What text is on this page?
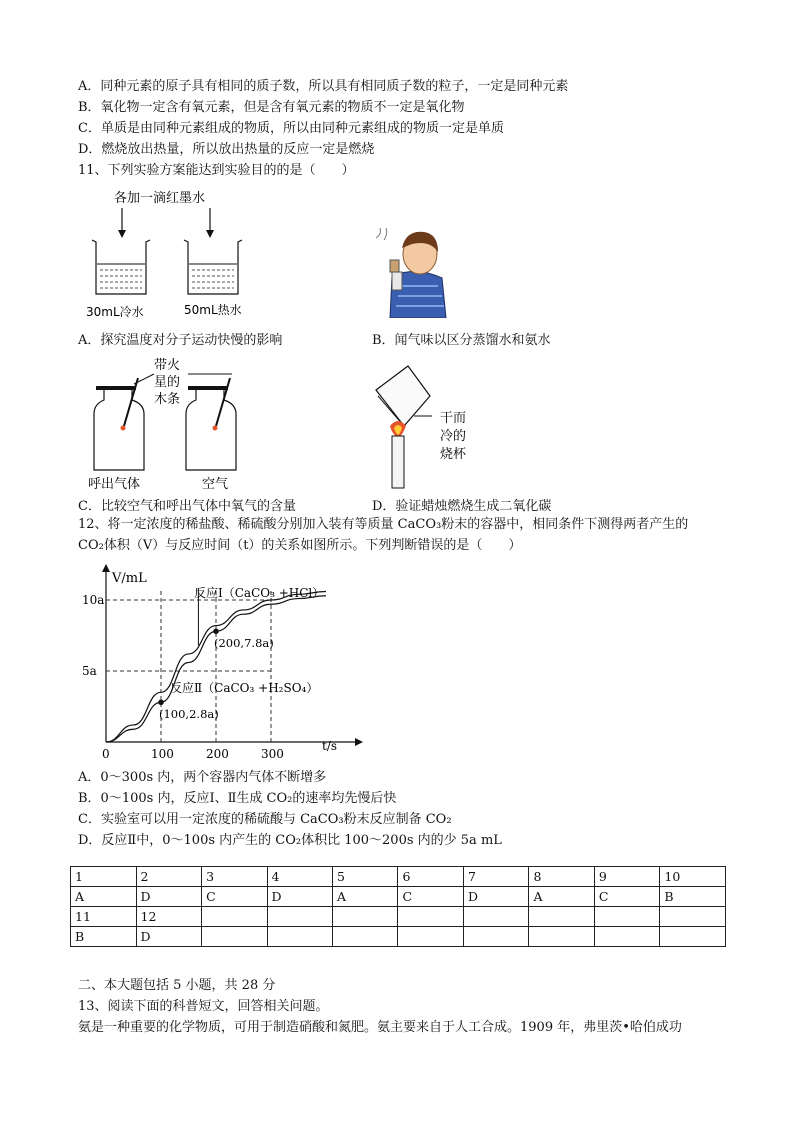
A．同种元素的原子具有相同的质子数，所以具有相同质子数的粒子，一定是同种元素
B．氧化物一定含有氧元素，但是含有氧元素的物质不一定是氧化物
C．单质是由同种元素组成的物质，所以由同种元素组成的物质一定是单质
D．燃烧放出热量，所以放出热量的反应一定是燃烧
11、下列实验方案能达到实验目的的是（　　）
各加一滴红墨水
30mL冷水	50mL热水
A．探究温度对分子运动快慢的影响	B．闻气味以区分蒸馏水和氨水
带火
星的
木条
呼出气体	空气
干而
冷的
烧杯
C．比较空气和呼出气体中氧气的含量	D．验证蜡烛燃烧生成二氧化碳
12、将一定浓度的稀盐酸、稀硫酸分别加入装有等质量 CaCO₃粉末的容器中，相同条件下测得两者产生的
CO₂体积（V）与反应时间（t）的关系如图所示。下列判断错误的是（　　）
0	100	200	300
5a
10a
(200,7.8a)
(100,2.8a)
V/mL
t/s
反应Ⅰ（CaCO₃ +HCl）
反应Ⅱ（CaCO₃ +H₂SO₄）
A．0～300s 内，两个容器内气体不断增多
B．0～100s 内，反应Ⅰ、Ⅱ生成 CO₂的速率均先慢后快
C．实验室可以用一定浓度的稀硫酸与 CaCO₃粉末反应制备 CO₂
D．反应Ⅱ中，0～100s 内产生的 CO₂体积比 100～200s 内的少 5a mL
1	2	3	4	5	6	7	8	9	10
A	D	C	D	A	C	D	A	C	B
11	12								
B	D								
二、本大题包括 5 小题，共 28 分
13、阅读下面的科普短文，回答相关问题。
氨是一种重要的化学物质，可用于制造硝酸和氮肥。氨主要来自于人工合成。1909 年，弗里茨•哈伯成功
